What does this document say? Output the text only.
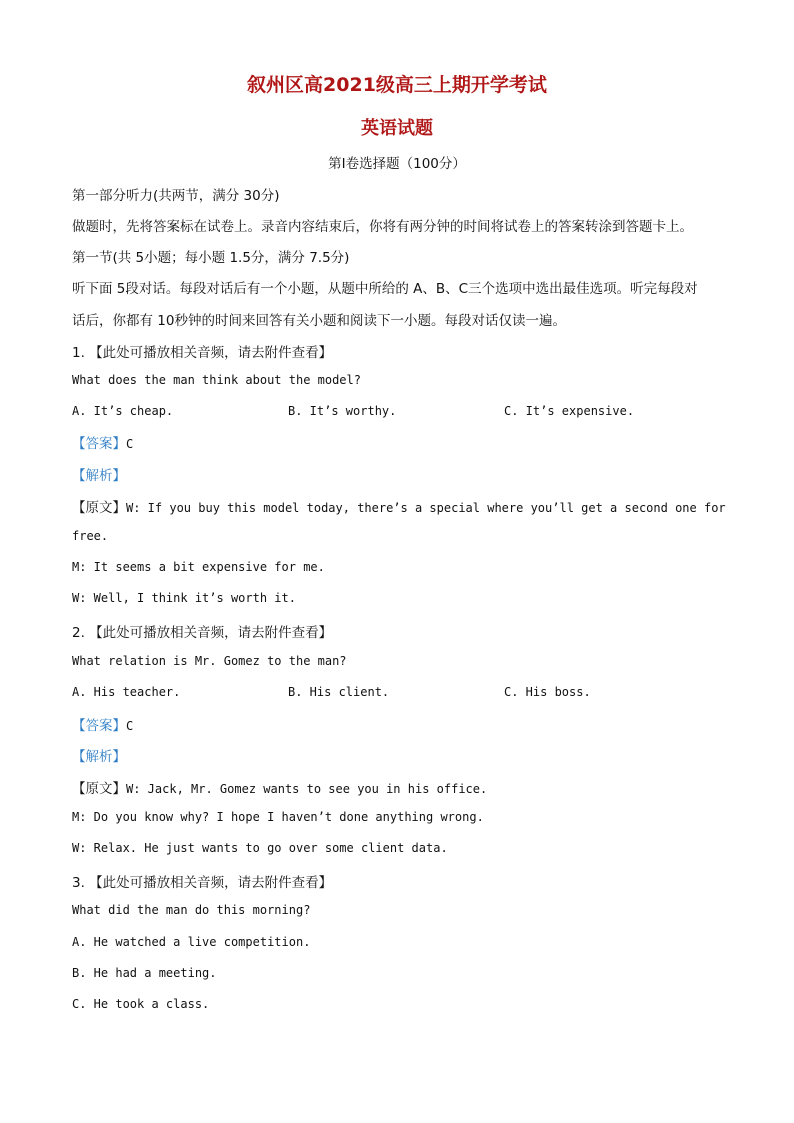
叙州区高2021级高三上期开学考试
英语试题
第Ⅰ卷选择题（100分）
第一部分听力(共两节，满分 30分)
做题时，先将答案标在试卷上。录音内容结束后，你将有两分钟的时间将试卷上的答案转涂到答题卡上。
第一节(共 5小题；每小题 1.5分，满分 7.5分)
听下面 5段对话。每段对话后有一个小题，从题中所给的 A、B、C三个选项中选出最佳选项。听完每段对
话后，你都有 10秒钟的时间来回答有关小题和阅读下一小题。每段对话仅读一遍。
1. 【此处可播放相关音频，请去附件查看】
What does the man think about the model?
A. It’s cheap.	B. It’s worthy.	C. It’s expensive.
【答案】C
【解析】
【原文】W: If you buy this model today, there’s a special where you’ll get a second one for
free.
M: It seems a bit expensive for me.
W: Well, I think it’s worth it.
2. 【此处可播放相关音频，请去附件查看】
What relation is Mr. Gomez to the man?
A. His teacher.	B. His client.	C. His boss.
【答案】C
【解析】
【原文】W: Jack, Mr. Gomez wants to see you in his office.
M: Do you know why? I hope I haven’t done anything wrong.
W: Relax. He just wants to go over some client data.
3. 【此处可播放相关音频，请去附件查看】
What did the man do this morning?
A. He watched a live competition.
B. He had a meeting.
C. He took a class.
